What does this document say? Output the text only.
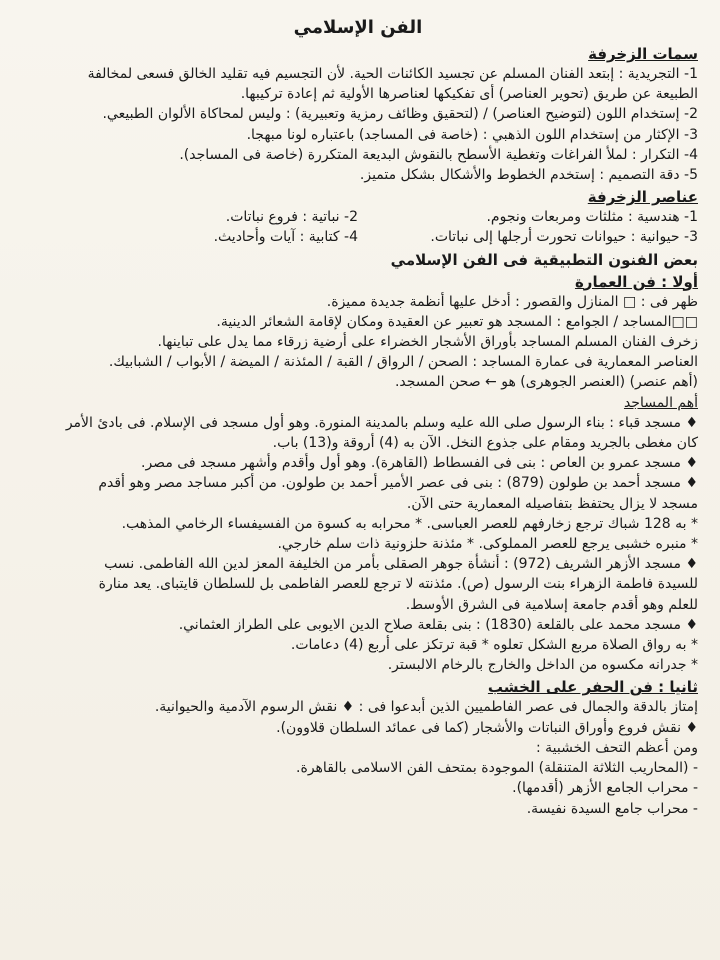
الفن الإسلامي
سمات الزخرفة
1- التجريدية : إبتعد الفنان المسلم عن تجسيد الكائنات الحية. لأن التجسيم فيه تقليد الخالق فسعى لمخالفة
الطبيعة عن طريق (تحوير العناصر) أى تفكيكها لعناصرها الأولية ثم إعادة تركيبها.
2- إستخدام اللون (لتوضيح العناصر) / (لتحقيق وظائف رمزية وتعبيرية) : وليس لمحاكاة الألوان الطبيعي.
3- الإكثار من إستخدام اللون الذهبي : (خاصة فى المساجد) باعتباره لونا مبهجا.
4- التكرار : لملأ الفراغات وتغطية الأسطح بالنقوش البديعة المتكررة (خاصة فى المساجد).
5- دقة التصميم : إستخدم الخطوط والأشكال بشكل متميز.
عناصر الزخرفة
1- هندسية : مثلثات ومربعات ونجوم.
2- نباتية : فروع نباتات.
3- حيوانية : حيوانات تحورت أرجلها إلى نباتات.
4- كتابية : آيات وأحاديث.
بعض الفنون التطبيقية فى الفن الإسلامي
أولا : فن العمارة
ظهر فى : □ المنازل والقصور : أدخل عليها أنظمة جديدة مميزة.
□□المساجد / الجوامع : المسجد هو تعبير عن العقيدة ومكان لإقامة الشعائر الدينية.
زخرف الفنان المسلم المساجد بأوراق الأشجار الخضراء على أرضية زرقاء مما يدل على تباينها.
العناصر المعمارية فى عمارة المساجد : الصحن / الرواق / القبة / المئذنة / الميضة / الأبواب / الشبابيك.
(أهم عنصر) (العنصر الجوهرى) هو ← صحن المسجد.
أهم المساجد
♦ مسجد قباء : بناء الرسول صلى الله عليه وسلم بالمدينة المنورة. وهو أول مسجد فى الإسلام. فى بادئ الأمر
كان مغطى بالجريد ومقام على جذوع النخل. الآن به (4) أروقة و(13) باب.
♦ مسجد عمرو بن العاص : بنى فى الفسطاط (القاهرة). وهو أول وأقدم وأشهر مسجد فى مصر.
♦ مسجد أحمد بن طولون (879) : بنى فى عصر الأمير أحمد بن طولون. من أكبر مساجد مصر وهو أقدم
مسجد لا يزال يحتفظ بتفاصيله المعمارية حتى الآن.
* به 128 شباك ترجع زخارفهم للعصر العباسى. * محرابه به كسوة من الفسيفساء الرخامي المذهب.
* منبره خشبى يرجع للعصر المملوكى. * مئذنة حلزونية ذات سلم خارجي.
♦ مسجد الأزهر الشريف (972) : أنشأة جوهر الصقلى بأمر من الخليفة المعز لدين الله الفاطمى. نسب
للسيدة فاطمة الزهراء بنت الرسول (ص). مئذنته لا ترجع للعصر الفاطمى بل للسلطان قايتباى. يعد منارة
للعلم وهو أقدم جامعة إسلامية فى الشرق الأوسط.
♦ مسجد محمد على بالقلعة (1830) : بنى بقلعة صلاح الدين الايوبى على الطراز العثماني.
* به رواق الصلاة مربع الشكل تعلوه * قبة ترتكز على أربع (4) دعامات.
* جدرانه مكسوه من الداخل والخارج بالرخام الالبستر.
ثانيا : فن الحفر على الخشب
إمتاز بالدقة والجمال فى عصر الفاطميين الذين أبدعوا فى : ♦ نقش الرسوم الآدمية والحيوانية.
♦ نقش فروع وأوراق النباتات والأشجار (كما فى عمائد السلطان قلاوون).
ومن أعظم التحف الخشبية :
- (المحاريب الثلاثة المتنقلة) الموجودة بمتحف الفن الاسلامى بالقاهرة.
- محراب الجامع الأزهر (أقدمها).
- محراب جامع السيدة نفيسة.
